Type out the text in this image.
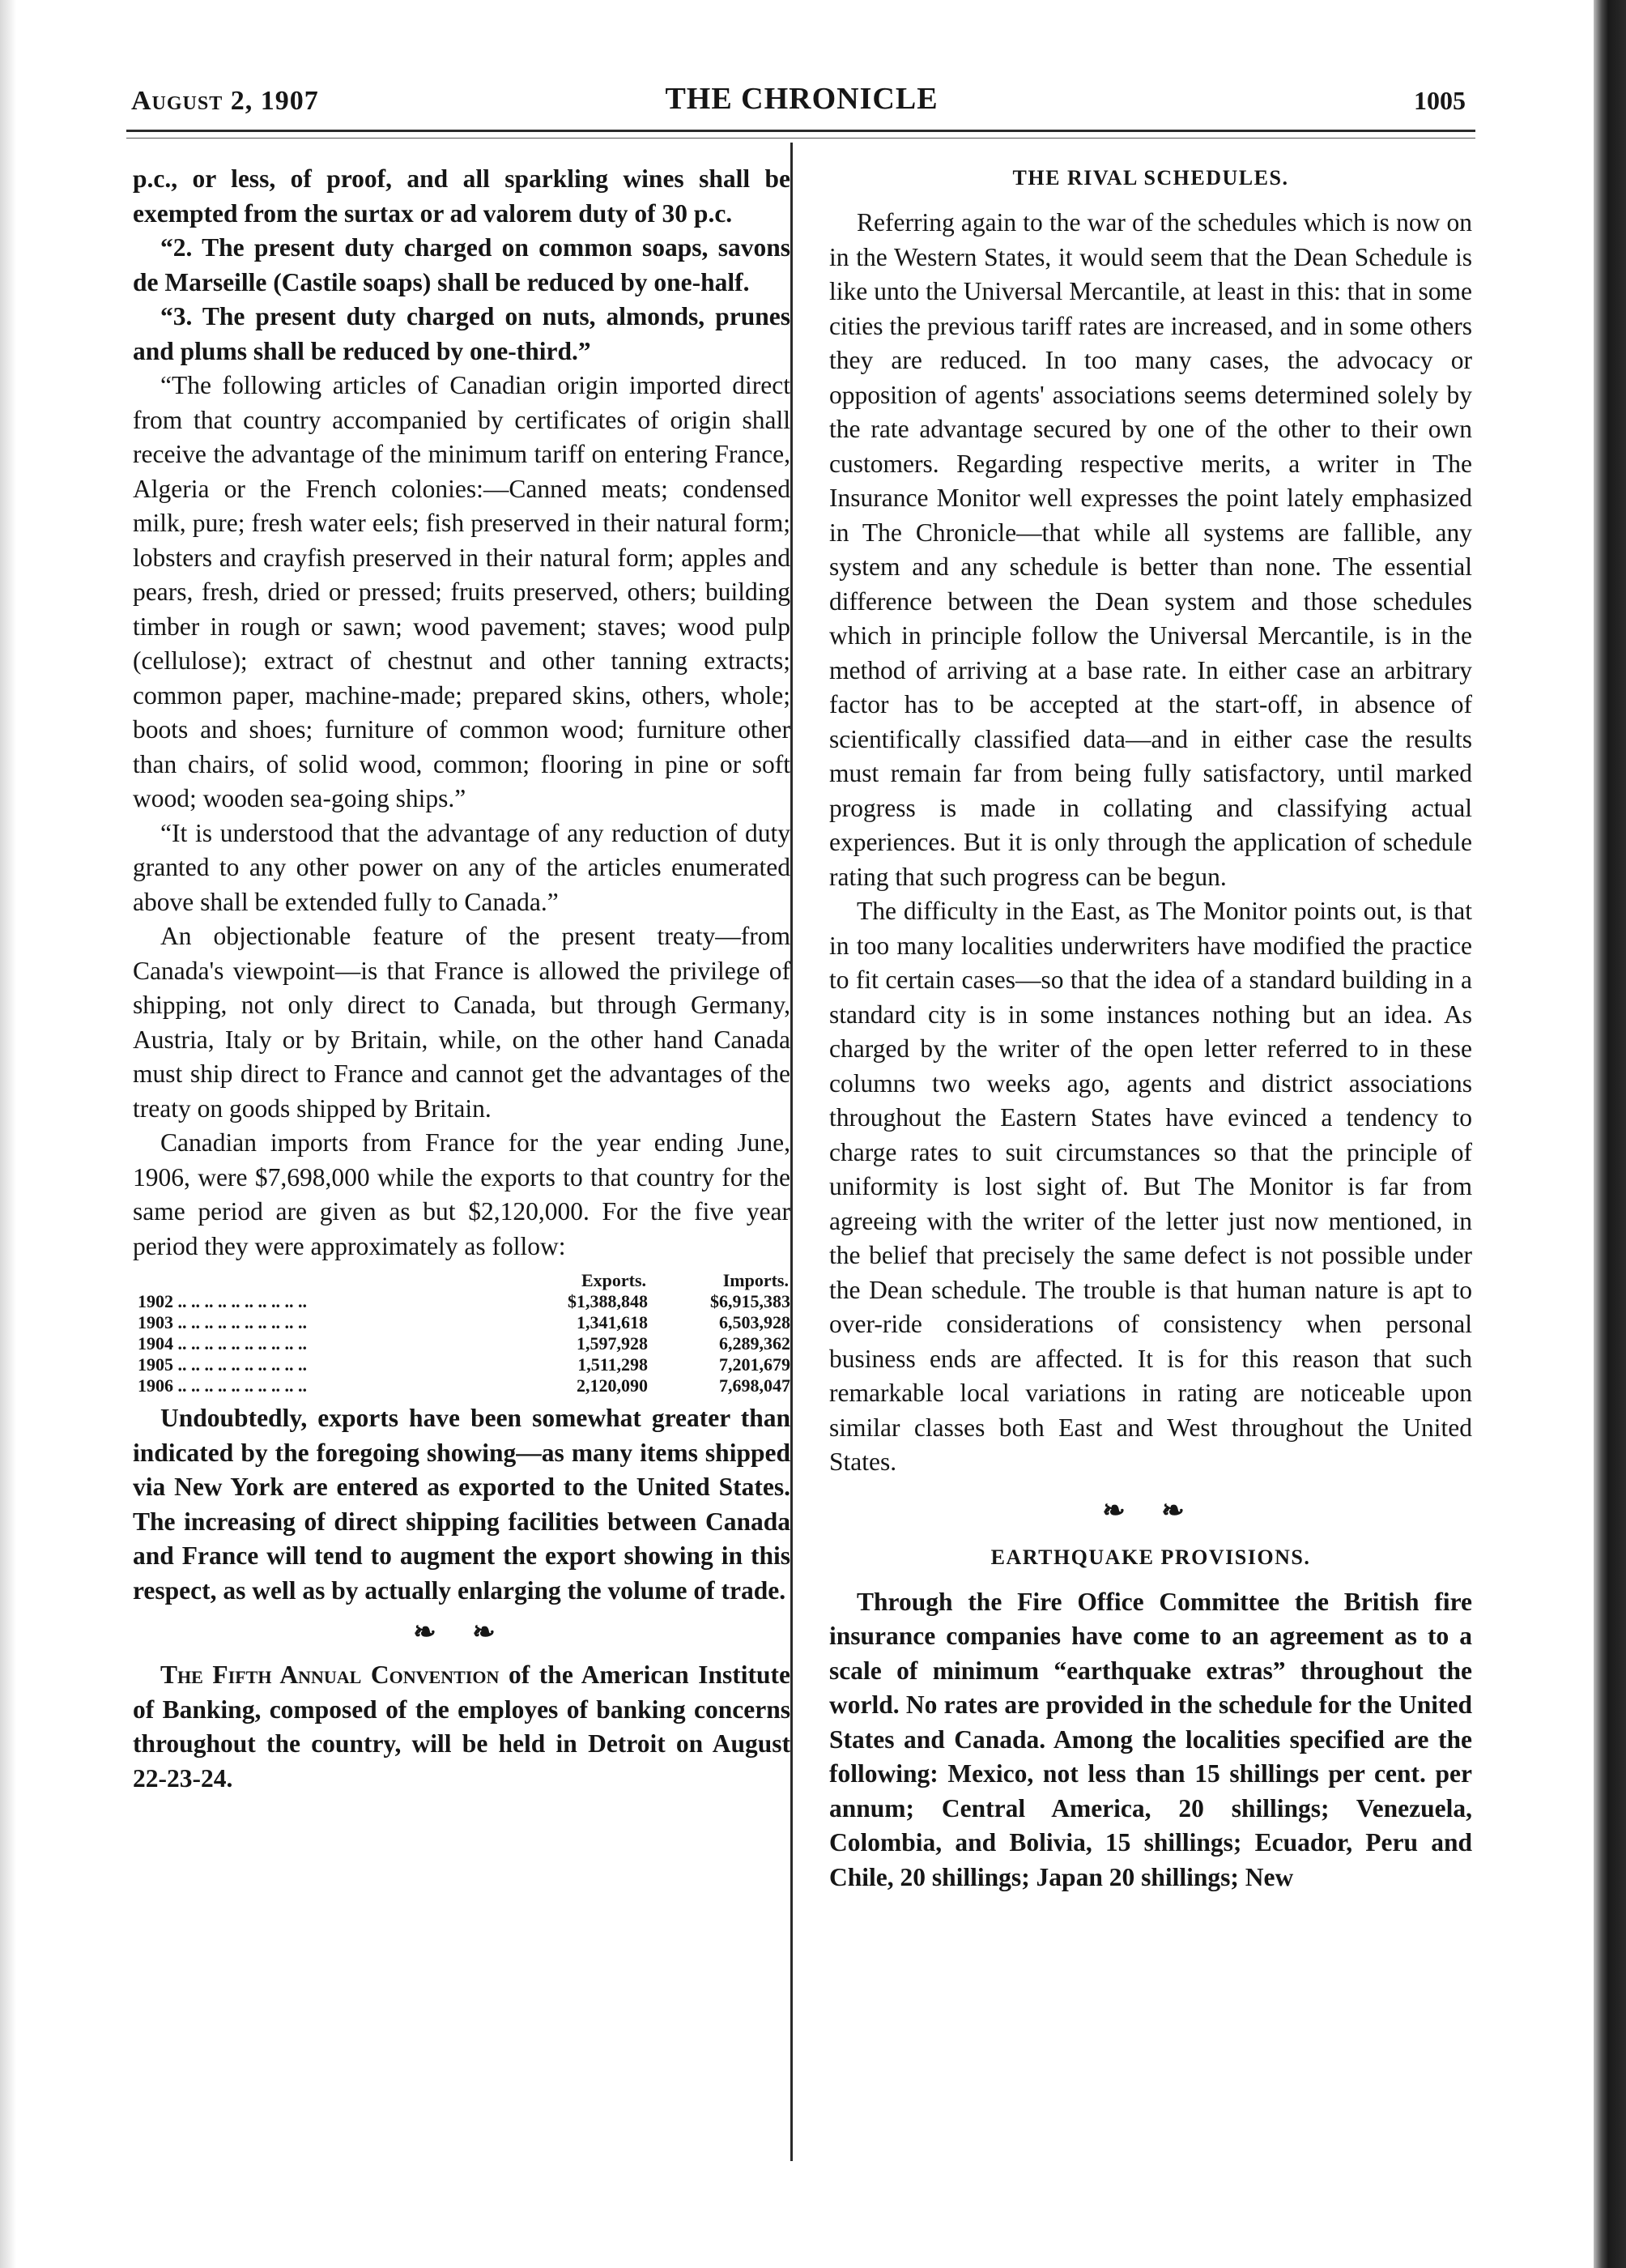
August 2, 1907	THE CHRONICLE	1005

p.c., or less, of proof, and all sparkling wines shall be exempted from the surtax or ad valorem duty of 30 p.c.

“2. The present duty charged on common soaps, savons de Marseille (Castile soaps) shall be reduced by one-half.

“3. The present duty charged on nuts, almonds, prunes and plums shall be reduced by one-third.”

“The following articles of Canadian origin imported direct from that country accompanied by certificates of origin shall receive the advantage of the minimum tariff on entering France, Algeria or the French colonies:—Canned meats; condensed milk, pure; fresh water eels; fish preserved in their natural form; lobsters and crayfish preserved in their natural form; apples and pears, fresh, dried or pressed; fruits preserved, others; building timber in rough or sawn; wood pavement; staves; wood pulp (cellulose); extract of chestnut and other tanning extracts; common paper, machine-made; prepared skins, others, whole; boots and shoes; furniture of common wood; furniture other than chairs, of solid wood, common; flooring in pine or soft wood; wooden sea-going ships.”

“It is understood that the advantage of any reduction of duty granted to any other power on any of the articles enumerated above shall be extended fully to Canada.”

An objectionable feature of the present treaty—from Canada's viewpoint—is that France is allowed the privilege of shipping, not only direct to Canada, but through Germany, Austria, Italy or by Britain, while, on the other hand Canada must ship direct to France and cannot get the advantages of the treaty on goods shipped by Britain.

Canadian imports from France for the year ending June, 1906, were $7,698,000 while the exports to that country for the same period are given as but $2,120,000. For the five year period they were approximately as follow:

	Exports.	Imports.
1902 .. .. .. .. .. .. .. .. .. ..	$1,388,848	$6,915,383
1903 .. .. .. .. .. .. .. .. .. ..	1,341,618	6,503,928
1904 .. .. .. .. .. .. .. .. .. ..	1,597,928	6,289,362
1905 .. .. .. .. .. .. .. .. .. ..	1,511,298	7,201,679
1906 .. .. .. .. .. .. .. .. .. ..	2,120,090	7,698,047

Undoubtedly, exports have been somewhat greater than indicated by the foregoing showing—as many items shipped via New York are entered as exported to the United States. The increasing of direct shipping facilities between Canada and France will tend to augment the export showing in this respect, as well as by actually enlarging the volume of trade.

❧ ❧

The Fifth Annual Convention of the American Institute of Banking, composed of the employes of banking concerns throughout the country, will be held in Detroit on August 22-23-24.

THE RIVAL SCHEDULES.

Referring again to the war of the schedules which is now on in the Western States, it would seem that the Dean Schedule is like unto the Universal Mercantile, at least in this: that in some cities the previous tariff rates are increased, and in some others they are reduced. In too many cases, the advocacy or opposition of agents' associations seems determined solely by the rate advantage secured by one of the other to their own customers. Regarding respective merits, a writer in The Insurance Monitor well expresses the point lately emphasized in The Chronicle—that while all systems are fallible, any system and any schedule is better than none. The essential difference between the Dean system and those schedules which in principle follow the Universal Mercantile, is in the method of arriving at a base rate. In either case an arbitrary factor has to be accepted at the start-off, in absence of scientifically classified data—and in either case the results must remain far from being fully satisfactory, until marked progress is made in collating and classifying actual experiences. But it is only through the application of schedule rating that such progress can be begun.

The difficulty in the East, as The Monitor points out, is that in too many localities underwriters have modified the practice to fit certain cases—so that the idea of a standard building in a standard city is in some instances nothing but an idea. As charged by the writer of the open letter referred to in these columns two weeks ago, agents and district associations throughout the Eastern States have evinced a tendency to charge rates to suit circumstances so that the principle of uniformity is lost sight of. But The Monitor is far from agreeing with the writer of the letter just now mentioned, in the belief that precisely the same defect is not possible under the Dean schedule. The trouble is that human nature is apt to over-ride considerations of consistency when personal business ends are affected. It is for this reason that such remarkable local variations in rating are noticeable upon similar classes both East and West throughout the United States.

❧ ❧
EARTHQUAKE PROVISIONS.

Through the Fire Office Committee the British fire insurance companies have come to an agreement as to a scale of minimum “earthquake extras” throughout the world. No rates are provided in the schedule for the United States and Canada. Among the localities specified are the following: Mexico, not less than 15 shillings per cent. per annum; Central America, 20 shillings; Venezuela, Colombia, and Bolivia, 15 shillings; Ecuador, Peru and Chile, 20 shillings; Japan 20 shillings; New
